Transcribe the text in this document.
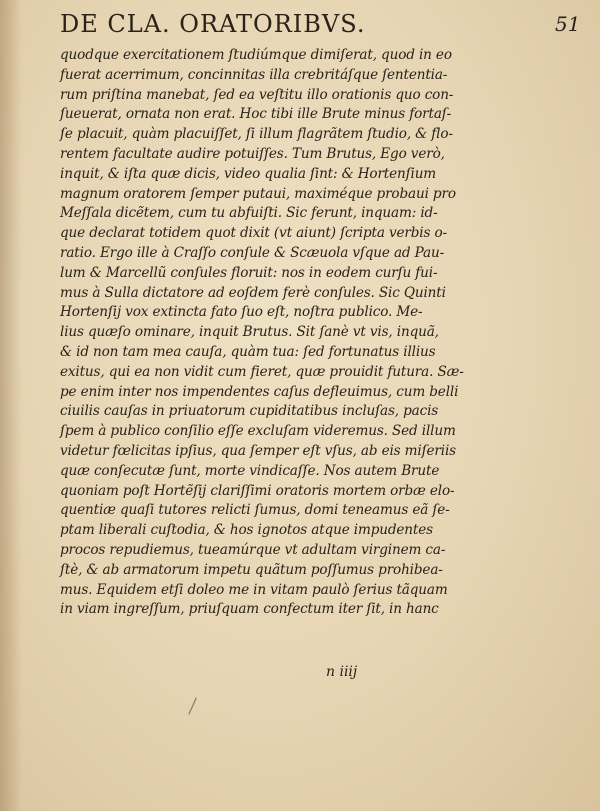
DE CLA. ORATORIBVS.	51
quodque exercitationem ſtudiúmque dimiſerat, quod in eo
fuerat acerrimum, concinnitas illa crebritáſque ſententia-
rum priſtina manebat, ſed ea veſtitu illo orationis quo con-
ſueuerat, ornata non erat. Hoc tibi ille Brute minus fortaſ-
ſe placuit, quàm placuiſſet, ſi illum flagrãtem ſtudio, & flo-
rentem facultate audire potuiſſes. Tum Brutus, Ego verò,
inquit, & iſta quæ dicis, video qualia ſint: & Hortenſium
magnum oratorem ſemper putaui, maximéque probaui pro
Meſſala dicẽtem, cum tu abfuiſti. Sic ferunt, inquam: id-
que declarat totidem quot dixit (vt aiunt) ſcripta verbis o-
ratio. Ergo ille à Craſſo conſule & Scæuola vſque ad Pau-
lum & Marcellũ conſules floruit: nos in eodem curſu fui-
mus à Sulla dictatore ad eoſdem ferè conſules. Sic Quinti
Hortenſij vox extincta fato ſuo eſt, noſtra publico. Me-
lius quæſo ominare, inquit Brutus. Sit ſanè vt vis, inquã,
& id non tam mea cauſa, quàm tua: ſed fortunatus illius
exitus, qui ea non vidit cum fieret, quæ prouidit futura. Sæ-
pe enim inter nos impendentes caſus defleuimus, cum belli
ciuilis cauſas in priuatorum cupiditatibus incluſas, pacis
ſpem à publico conſilio eſſe excluſam videremus. Sed illum
videtur fœlicitas ipſius, qua ſemper eſt vſus, ab eis miſeriis
quæ conſecutæ ſunt, morte vindicaſſe. Nos autem Brute
quoniam poſt Hortẽſij clariſſimi oratoris mortem orbæ elo-
quentiæ quaſi tutores relicti ſumus, domi teneamus eã ſe-
ptam liberali cuſtodia, & hos ignotos atque impudentes
procos repudiemus, tueamúrque vt adultam virginem ca-
ſtè, & ab armatorum impetu quãtum poſſumus prohibea-
mus. Equidem etſi doleo me in vitam paulò ſerius tãquam
in viam ingreſſum, priuſquam confectum iter ſit, in hanc
n iiij
